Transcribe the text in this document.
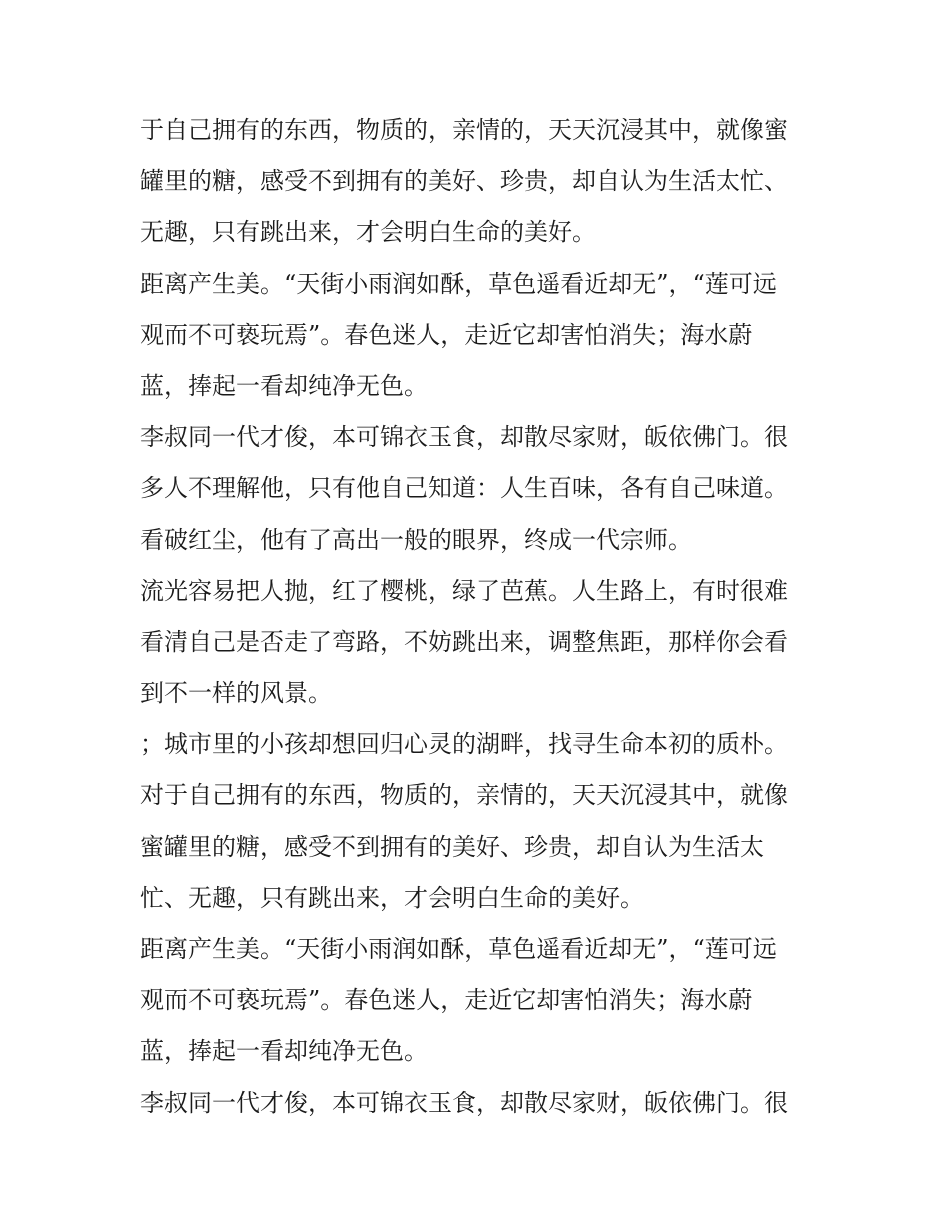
于自己拥有的东西，物质的，亲情的，天天沉浸其中，就像蜜
罐里的糖，感受不到拥有的美好、珍贵，却自认为生活太忙、
无趣，只有跳出来，才会明白生命的美好。
距离产生美。“天街小雨润如酥，草色遥看近却无”，“莲可远
观而不可亵玩焉”。春色迷人，走近它却害怕消失；海水蔚
蓝，捧起一看却纯净无色。
李叔同一代才俊，本可锦衣玉食，却散尽家财，皈依佛门。很
多人不理解他，只有他自己知道：人生百味，各有自己味道。
看破红尘，他有了高出一般的眼界，终成一代宗师。
流光容易把人抛，红了樱桃，绿了芭蕉。人生路上，有时很难
看清自己是否走了弯路，不妨跳出来，调整焦距，那样你会看
到不一样的风景。
；城市里的小孩却想回归心灵的湖畔，找寻生命本初的质朴。
对于自己拥有的东西，物质的，亲情的，天天沉浸其中，就像
蜜罐里的糖，感受不到拥有的美好、珍贵，却自认为生活太
忙、无趣，只有跳出来，才会明白生命的美好。
距离产生美。“天街小雨润如酥，草色遥看近却无”，“莲可远
观而不可亵玩焉”。春色迷人，走近它却害怕消失；海水蔚
蓝，捧起一看却纯净无色。
李叔同一代才俊，本可锦衣玉食，却散尽家财，皈依佛门。很
